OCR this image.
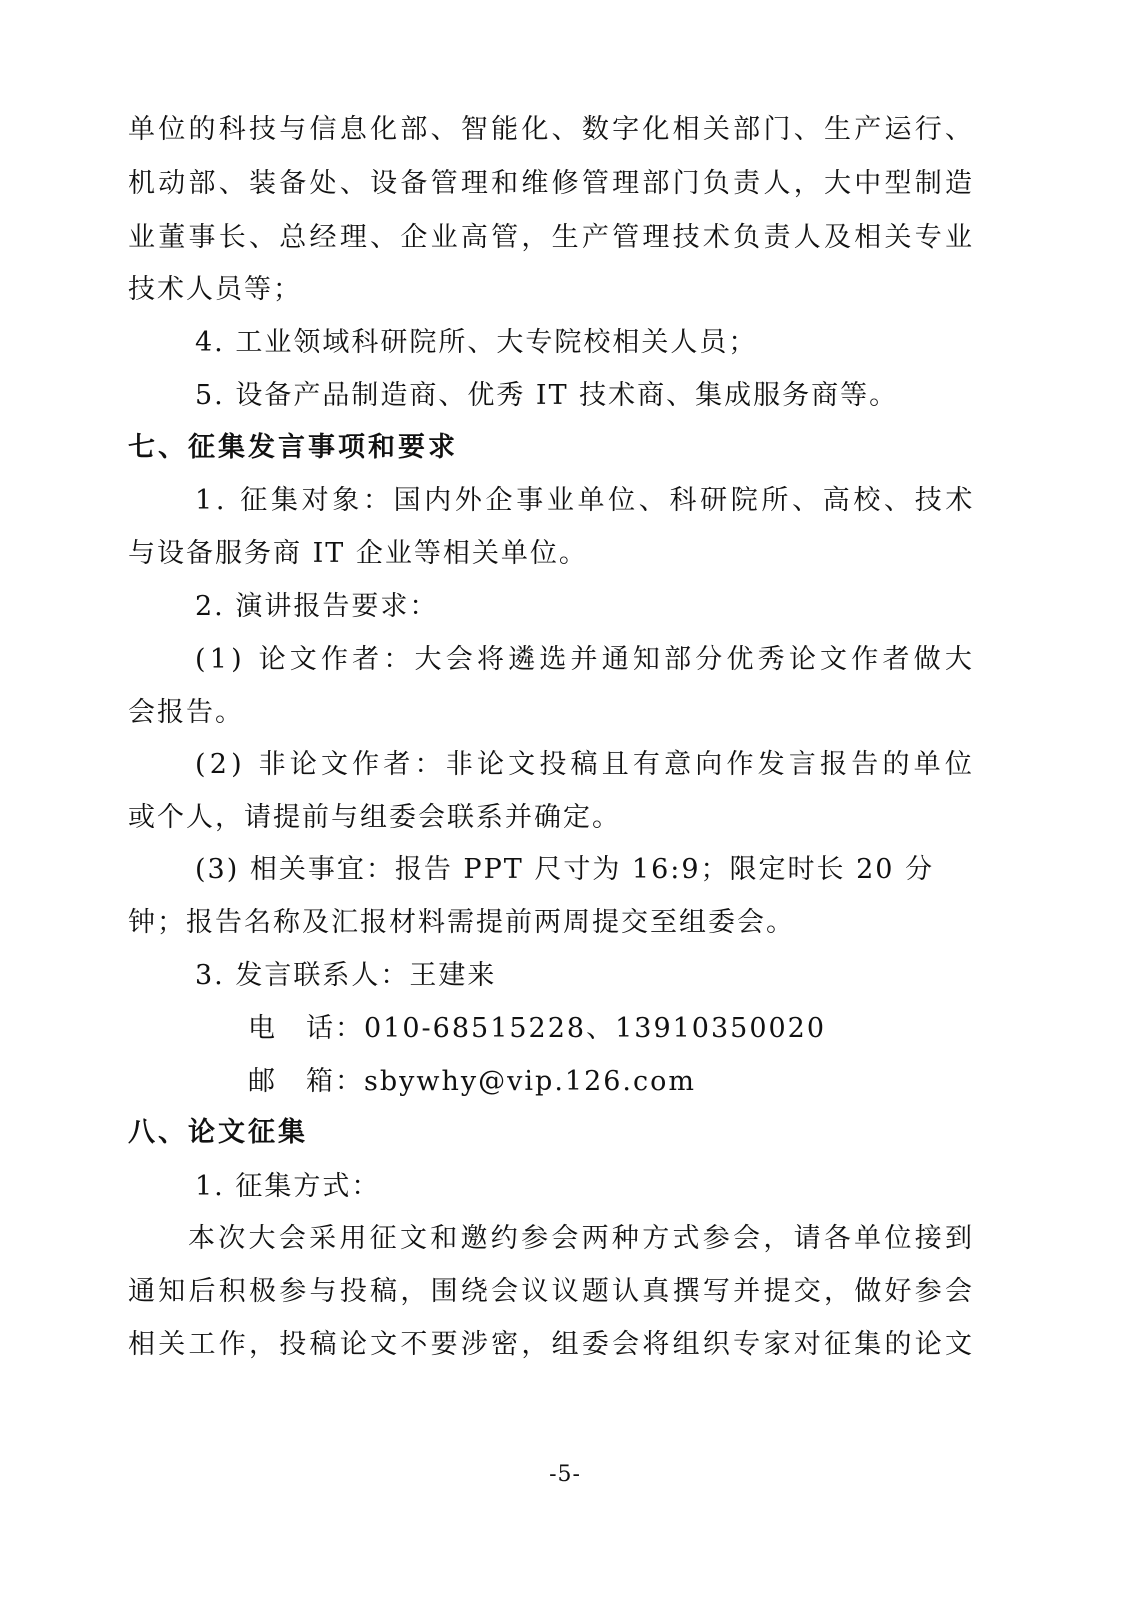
单位的科技与信息化部、智能化、数字化相关部门、生产运行、
机动部、装备处、设备管理和维修管理部门负责人，大中型制造
业董事长、总经理、企业高管，生产管理技术负责人及相关专业
技术人员等；
4. 工业领域科研院所、大专院校相关人员；
5. 设备产品制造商、优秀 IT 技术商、集成服务商等。
七、征集发言事项和要求
1. 征集对象：国内外企事业单位、科研院所、高校、技术
与设备服务商 IT 企业等相关单位。
2. 演讲报告要求：
(1) 论文作者：大会将遴选并通知部分优秀论文作者做大
会报告。
(2) 非论文作者：非论文投稿且有意向作发言报告的单位
或个人，请提前与组委会联系并确定。
(3) 相关事宜：报告 PPT 尺寸为 16:9；限定时长 20 分
钟；报告名称及汇报材料需提前两周提交至组委会。
3. 发言联系人：王建来
电　话：010-68515228、13910350020
邮　箱：sbywhy@vip.126.com
八、论文征集
1. 征集方式：
本次大会采用征文和邀约参会两种方式参会，请各单位接到
通知后积极参与投稿，围绕会议议题认真撰写并提交，做好参会
相关工作，投稿论文不要涉密，组委会将组织专家对征集的论文
-5-
